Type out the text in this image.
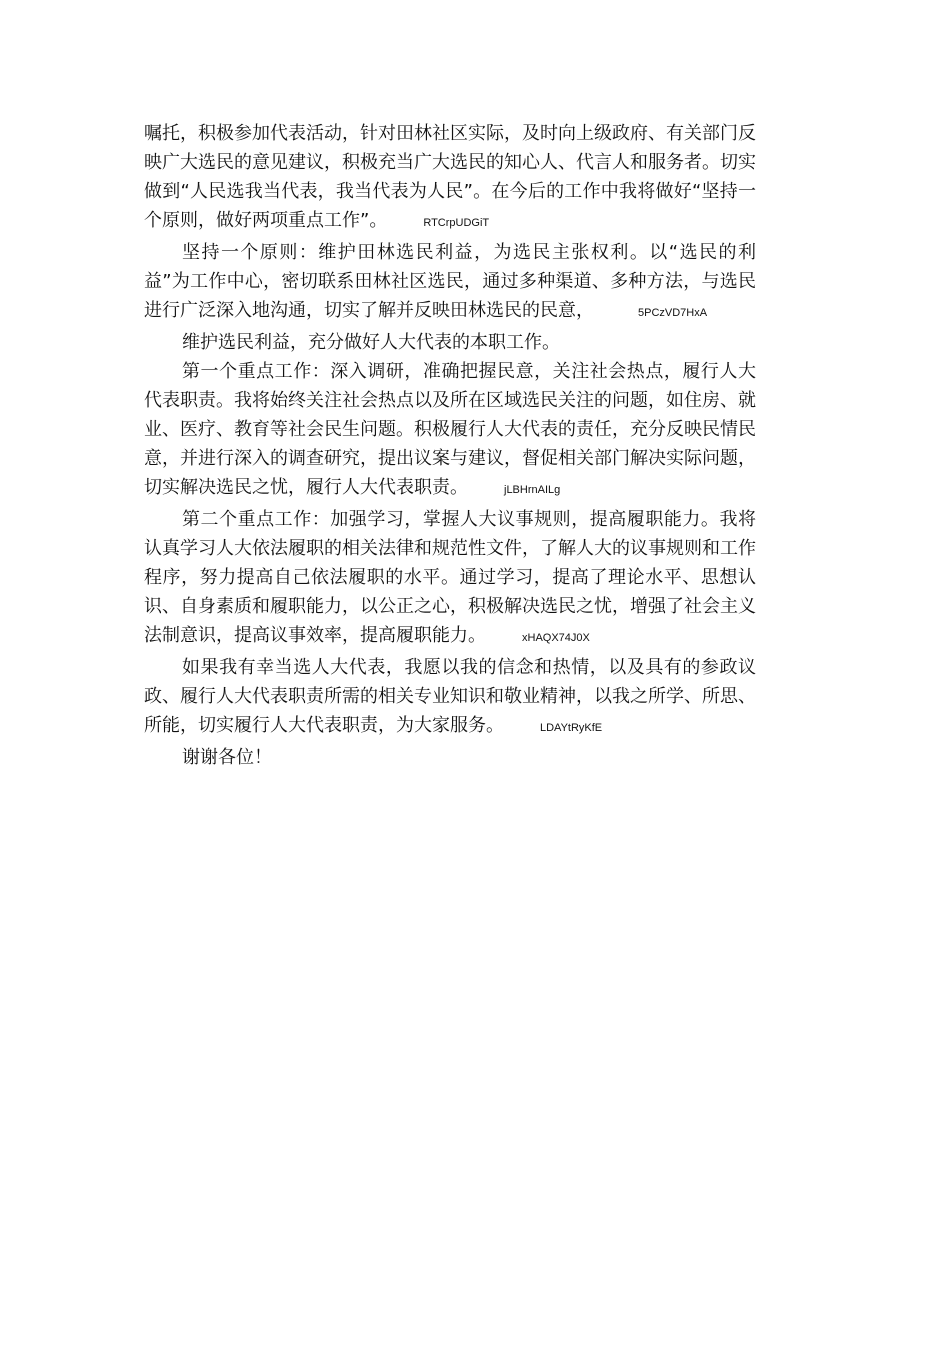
嘱托，积极参加代表活动，针对田林社区实际，及时向上级政府、有关部门反映广大选民的意见建议，积极充当广大选民的知心人、代言人和服务者。切实做到“人民选我当代表，我当代表为人民”。在今后的工作中我将做好“坚持一个原则，做好两项重点工作”。	RTCrpUDGiT

坚持一个原则：维护田林选民利益，为选民主张权利。以“选民的利益”为工作中心，密切联系田林社区选民，通过多种渠道、多种方法，与选民进行广泛深入地沟通，切实了解并反映田林选民的民意，	5PCzVD7HxA

维护选民利益，充分做好人大代表的本职工作。

第一个重点工作：深入调研，准确把握民意，关注社会热点，履行人大代表职责。我将始终关注社会热点以及所在区域选民关注的问题，如住房、就业、医疗、教育等社会民生问题。积极履行人大代表的责任，充分反映民情民意，并进行深入的调查研究，提出议案与建议，督促相关部门解决实际问题，切实解决选民之忧，履行人大代表职责。	jLBHrnAILg

第二个重点工作：加强学习，掌握人大议事规则，提高履职能力。我将认真学习人大依法履职的相关法律和规范性文件，了解人大的议事规则和工作程序，努力提高自己依法履职的水平。通过学习，提高了理论水平、思想认识、自身素质和履职能力，以公正之心，积极解决选民之忧，增强了社会主义法制意识，提高议事效率，提高履职能力。	xHAQX74J0X

如果我有幸当选人大代表，我愿以我的信念和热情，以及具有的参政议政、履行人大代表职责所需的相关专业知识和敬业精神，以我之所学、所思、所能，切实履行人大代表职责，为大家服务。	LDAYtRyKfE

谢谢各位！
